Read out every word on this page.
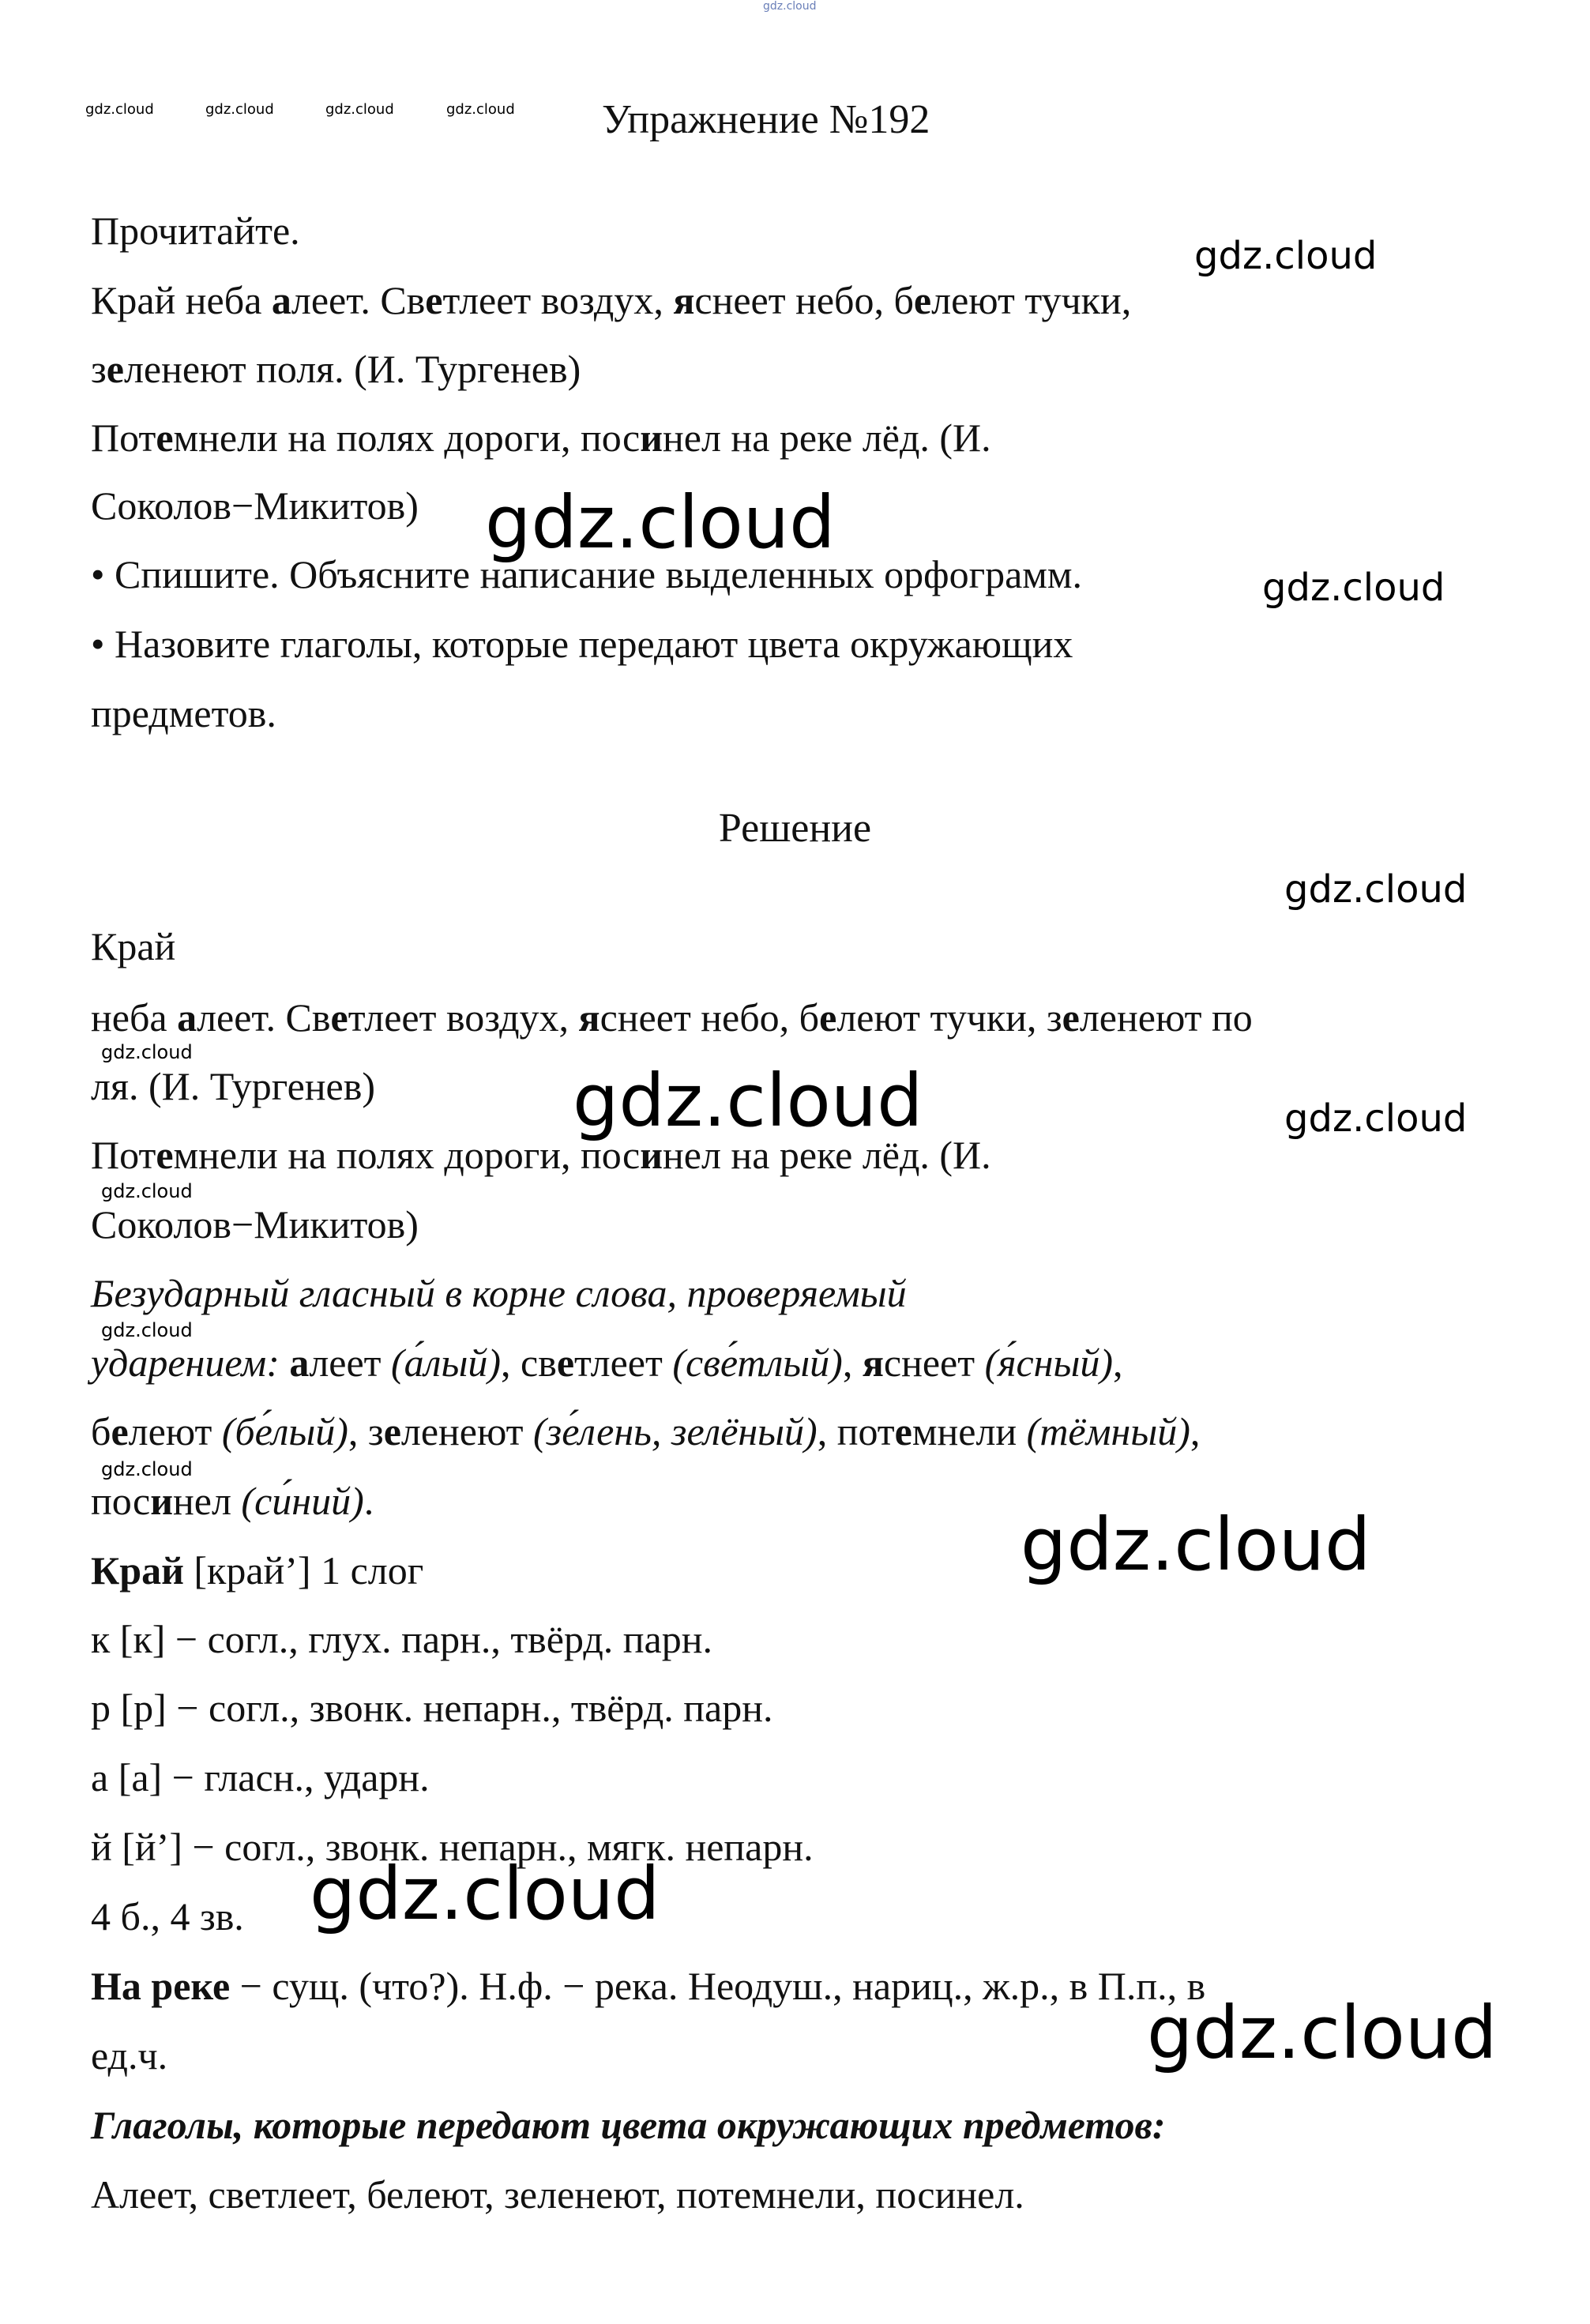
gdz.cloud
gdz.cloud	gdz.cloud	gdz.cloud	gdz.cloud Упражнение №192
Прочитайте.
Край неба алеет. Светлеет воздух, яснеет небо, белеют тучки,
зеленеют поля. (И. Тургенев)
Потемнели на полях дороги, посинел на реке лёд. (И.
Соколов−Микитов)
• Спишите. Объясните написание выделенных орфограмм.
• Назовите глаголы, которые передают цвета окружающих
предметов.
gdz.cloud
gdz.cloud
gdz.cloud
Решение
gdz.cloud
Край
неба алеет. Светлеет воздух, яснеет небо, белеют тучки, зеленеют по
gdz.cloud
ля. (И. Тургенев)	gdz.cloud	gdz.cloud
Потемнели на полях дороги, посинел на реке лёд. (И.
gdz.cloud
Соколов−Микитов)
Безударный гласный в корне слова, проверяемый
gdz.cloud
ударением: алеет (а́лый), светлеет (све́тлый), яснеет (я́сный),
белеют (бе́лый), зеленеют (зе́лень, зелёный), потемнели (тёмный),
gdz.cloud
посинел (си́ний).
Край [край’] 1 слог	gdz.cloud
к [к] − согл., глух. парн., твёрд. парн.
р [р] − согл., звонк. непарн., твёрд. парн.
а [а] − гласн., ударн.
й [й’] − согл., звонк. непарн., мягк. непарн.
4 б., 4 зв. gdz.cloud
На реке − сущ. (что?). Н.ф. − река. Неодуш., нариц., ж.р., в П.п., в
ед.ч.	gdz.cloud
Глаголы, которые передают цвета окружающих предметов:
Алеет, светлеет, белеют, зеленеют, потемнели, посинел.
